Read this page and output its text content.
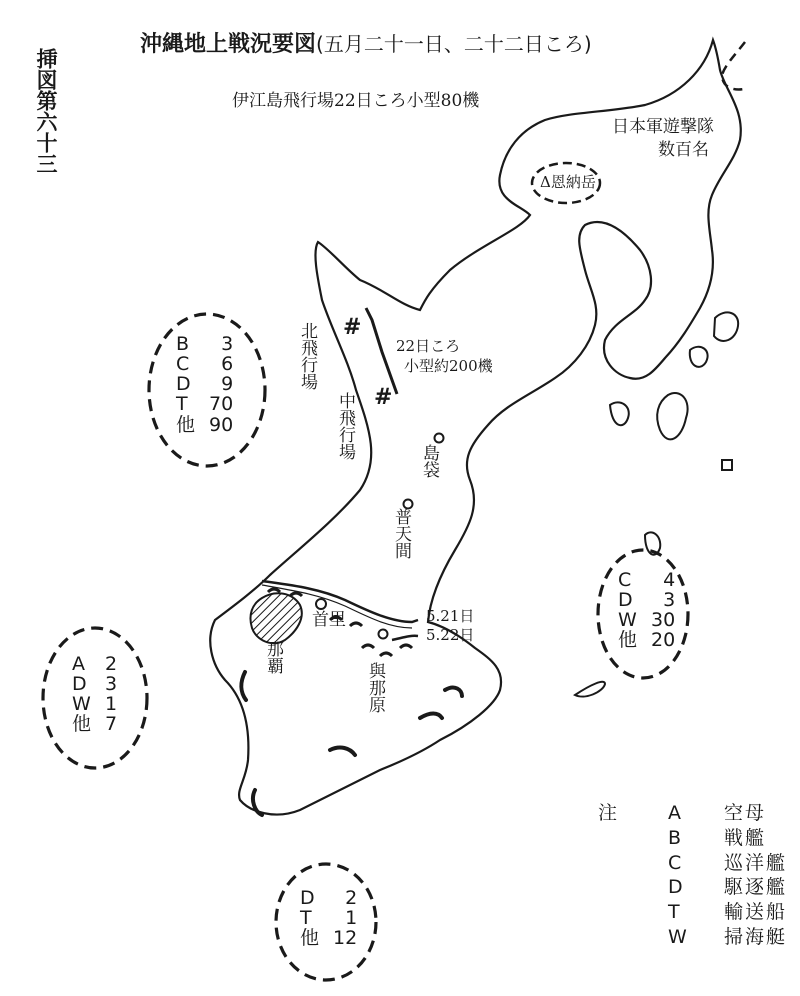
挿図第六十三
沖縄地上戦況要図(五月二十一日、二十二日ころ)
伊江島飛行場22日ころ小型80機
日本軍遊撃隊
数百名
Δ恩納岳
北飛行場
中飛行場
#
#
22日ころ
小型約200機
島袋
普天間
首里
那覇
與那原
5.21日
5.22日
B	3
C	6
D	9
T	70
他 90
A	2
D 3
W 1
他 7
C	4
D	3
W 30
他 20
D	2
T	1
他 12
注	A	空母
B	戦艦
C	巡洋艦
D	駆逐艦
T	輸送船
W	掃海艇
